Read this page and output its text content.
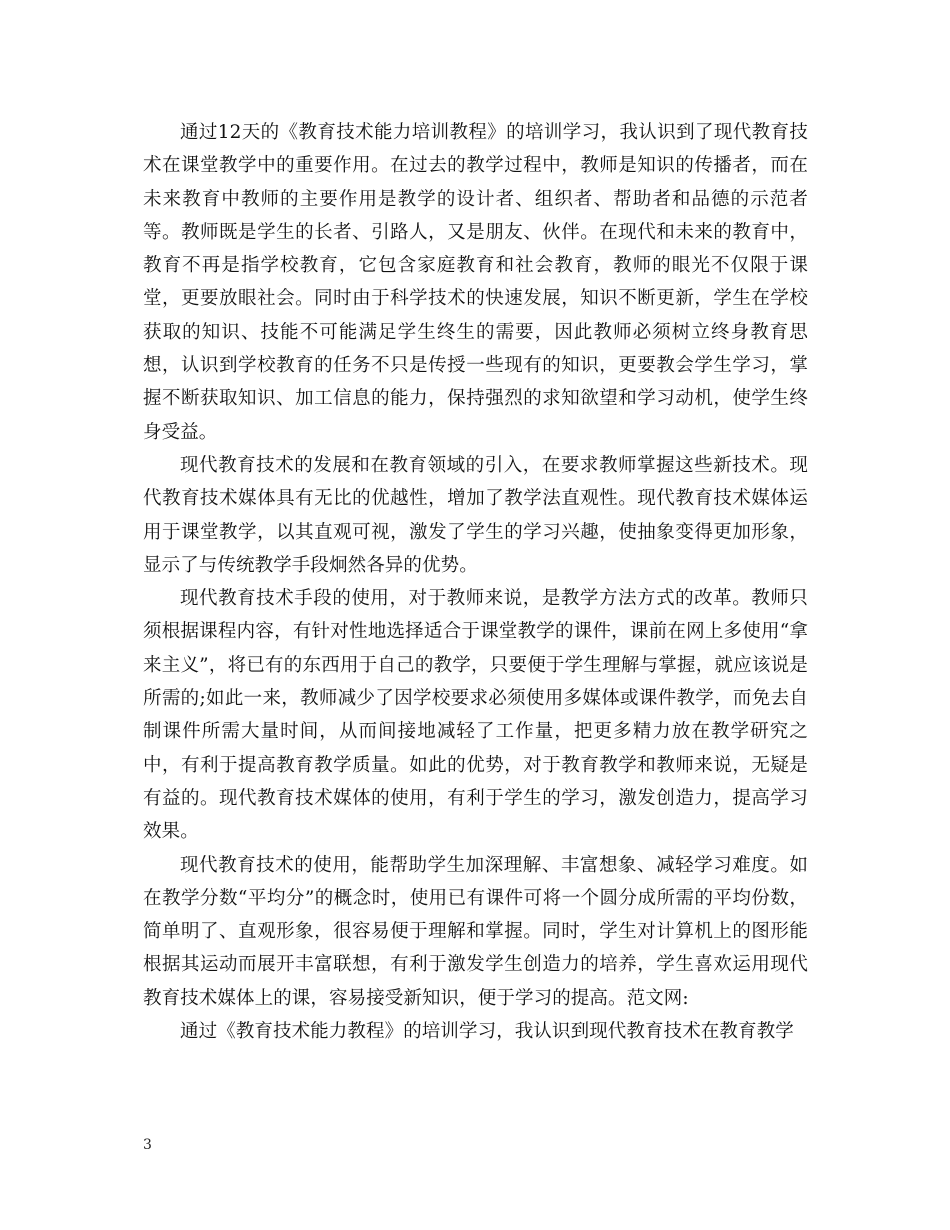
通过12天的《教育技术能力培训教程》的培训学习，我认识到了现代教育技术在课堂教学中的重要作用。在过去的教学过程中，教师是知识的传播者，而在未来教育中教师的主要作用是教学的设计者、组织者、帮助者和品德的示范者等。教师既是学生的长者、引路人，又是朋友、伙伴。在现代和未来的教育中，教育不再是指学校教育，它包含家庭教育和社会教育，教师的眼光不仅限于课堂，更要放眼社会。同时由于科学技术的快速发展，知识不断更新，学生在学校获取的知识、技能不可能满足学生终生的需要，因此教师必须树立终身教育思想，认识到学校教育的任务不只是传授一些现有的知识，更要教会学生学习，掌握不断获取知识、加工信息的能力，保持强烈的求知欲望和学习动机，使学生终身受益。

现代教育技术的发展和在教育领域的引入，在要求教师掌握这些新技术。现代教育技术媒体具有无比的优越性，增加了教学法直观性。现代教育技术媒体运用于课堂教学，以其直观可视，激发了学生的学习兴趣，使抽象变得更加形象，显示了与传统教学手段炯然各异的优势。

现代教育技术手段的使用，对于教师来说，是教学方法方式的改革。教师只须根据课程内容，有针对性地选择适合于课堂教学的课件，课前在网上多使用“拿来主义”，将已有的东西用于自己的教学，只要便于学生理解与掌握，就应该说是所需的;如此一来，教师减少了因学校要求必须使用多媒体或课件教学，而免去自制课件所需大量时间，从而间接地减轻了工作量，把更多精力放在教学研究之中，有利于提高教育教学质量。如此的优势，对于教育教学和教师来说，无疑是有益的。现代教育技术媒体的使用，有利于学生的学习，激发创造力，提高学习效果。

现代教育技术的使用，能帮助学生加深理解、丰富想象、减轻学习难度。如在教学分数“平均分”的概念时，使用已有课件可将一个圆分成所需的平均份数，简单明了、直观形象，很容易便于理解和掌握。同时，学生对计算机上的图形能根据其运动而展开丰富联想，有利于激发学生创造力的培养，学生喜欢运用现代教育技术媒体上的课，容易接受新知识，便于学习的提高。范文网:

通过《教育技术能力教程》的培训学习，我认识到现代教育技术在教育教学

3
